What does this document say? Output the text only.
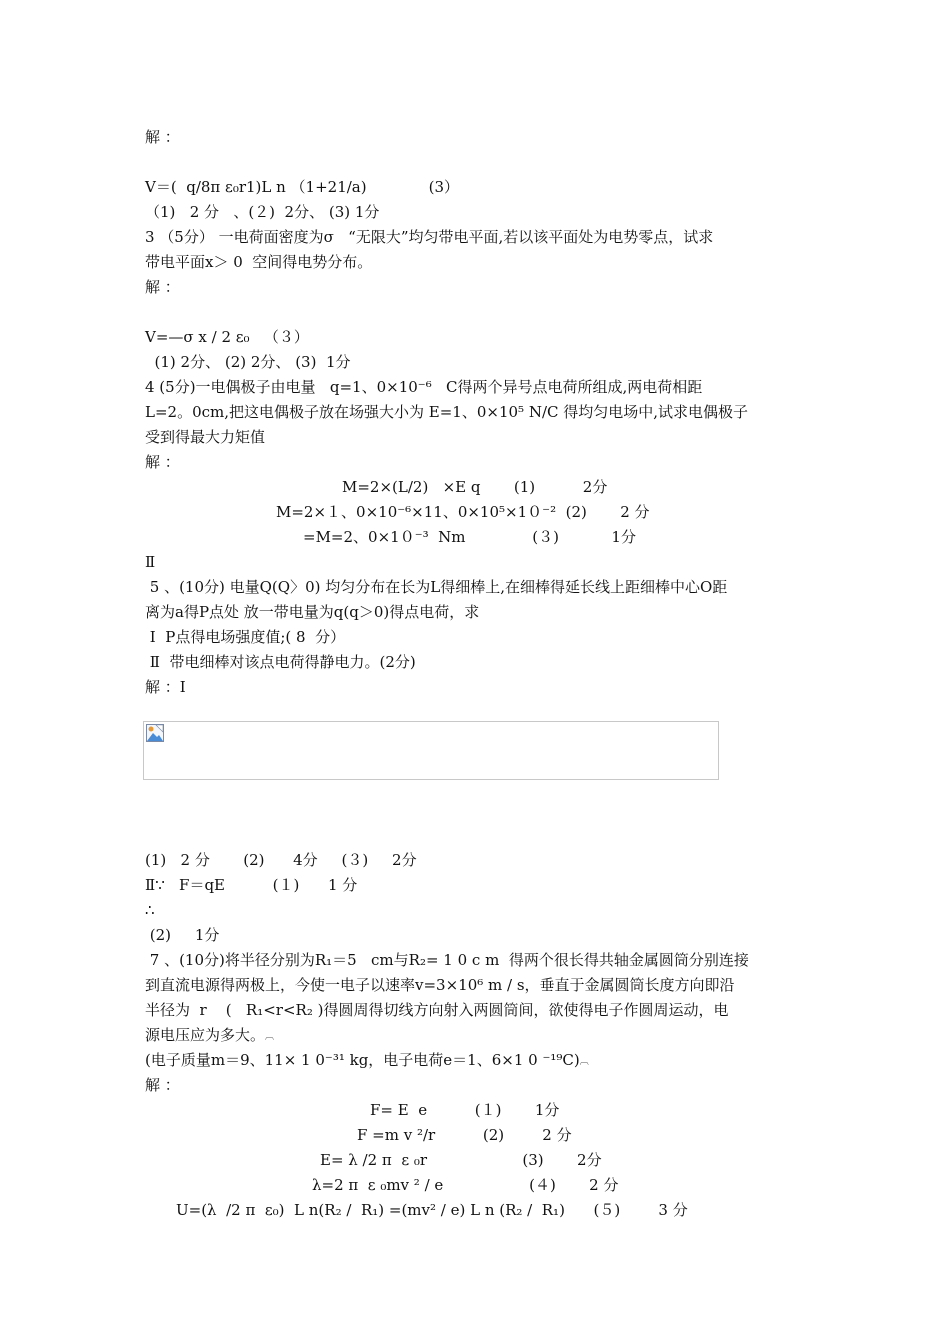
解 ：
V＝(  q/8π ε₀r1)L n （1+21/a)             (3）
（1)   2 分   、(２)  2分、 (3) 1分
3 （5分） 一电荷面密度为σ   “无限大”均匀带电平面,若以该平面处为电势零点，试求
带电平面x＞ 0  空间得电势分布。
解 ：
V=—σ x / 2 ε₀   （３）
(1) 2分、 (2) 2分、 (3)  1分
4 (5分)一电偶极子由电量   q=1、0×10⁻⁶   C得两个异号点电荷所组成,两电荷相距
L=2。0cm,把这电偶极子放在场强大小为 E=1、0×10⁵ N/C 得均匀电场中,试求电偶极子
受到得最大力矩值
解 ：
M=2×(L/2)   ×E q       (1)          2分
M=2×１、0×10⁻⁶×11、0×10⁵×1０⁻²  (2)       2 分
=M=2、0×1０⁻³  Nm              (３)           1分
Ⅱ
5 、(10分) 电量Q(Q〉0) 均匀分布在长为L得细棒上,在细棒得延长线上距细棒中心O距
离为a得P点处 放一带电量为q(q＞0)得点电荷，求
Ⅰ  P点得电场强度值;( 8  分）
Ⅱ  带电细棒对该点电荷得静电力。(2分)
解 ：Ⅰ
(1)   2 分       (2)      4分     (３)     2分
Ⅱ∵   F＝qE          (１)      1 分
∴
(2)     1分
7 、(10分)将半径分别为R₁＝5   cm与R₂= 1 0 c m  得两个很长得共轴金属圆筒分别连接
到直流电源得两极上，今使一电子以速率v=3×10⁶ m / s，垂直于金属圆筒长度方向即沿
半径为  r    (   R₁<r<R₂ )得圆周得切线方向射入两圆筒间，欲使得电子作圆周运动，电
源电压应为多大。︹
(电子质量m＝9、11× 1 0⁻³¹ kg，电子电荷e＝1、6×1 0 ⁻¹⁹C)︹
解 ：
F= E  e          (１)       1分
F =m v ²/r          (2)        2 分
E= λ /2 π  ε ₀r                    (3)       2分
λ=2 π  ε ₀mv ² / e                  (４)       2 分
U=(λ  /2 π  ε₀)  L n(R₂ /  R₁) =(mv² / e) L n (R₂ /  R₁)      (５)        3 分
